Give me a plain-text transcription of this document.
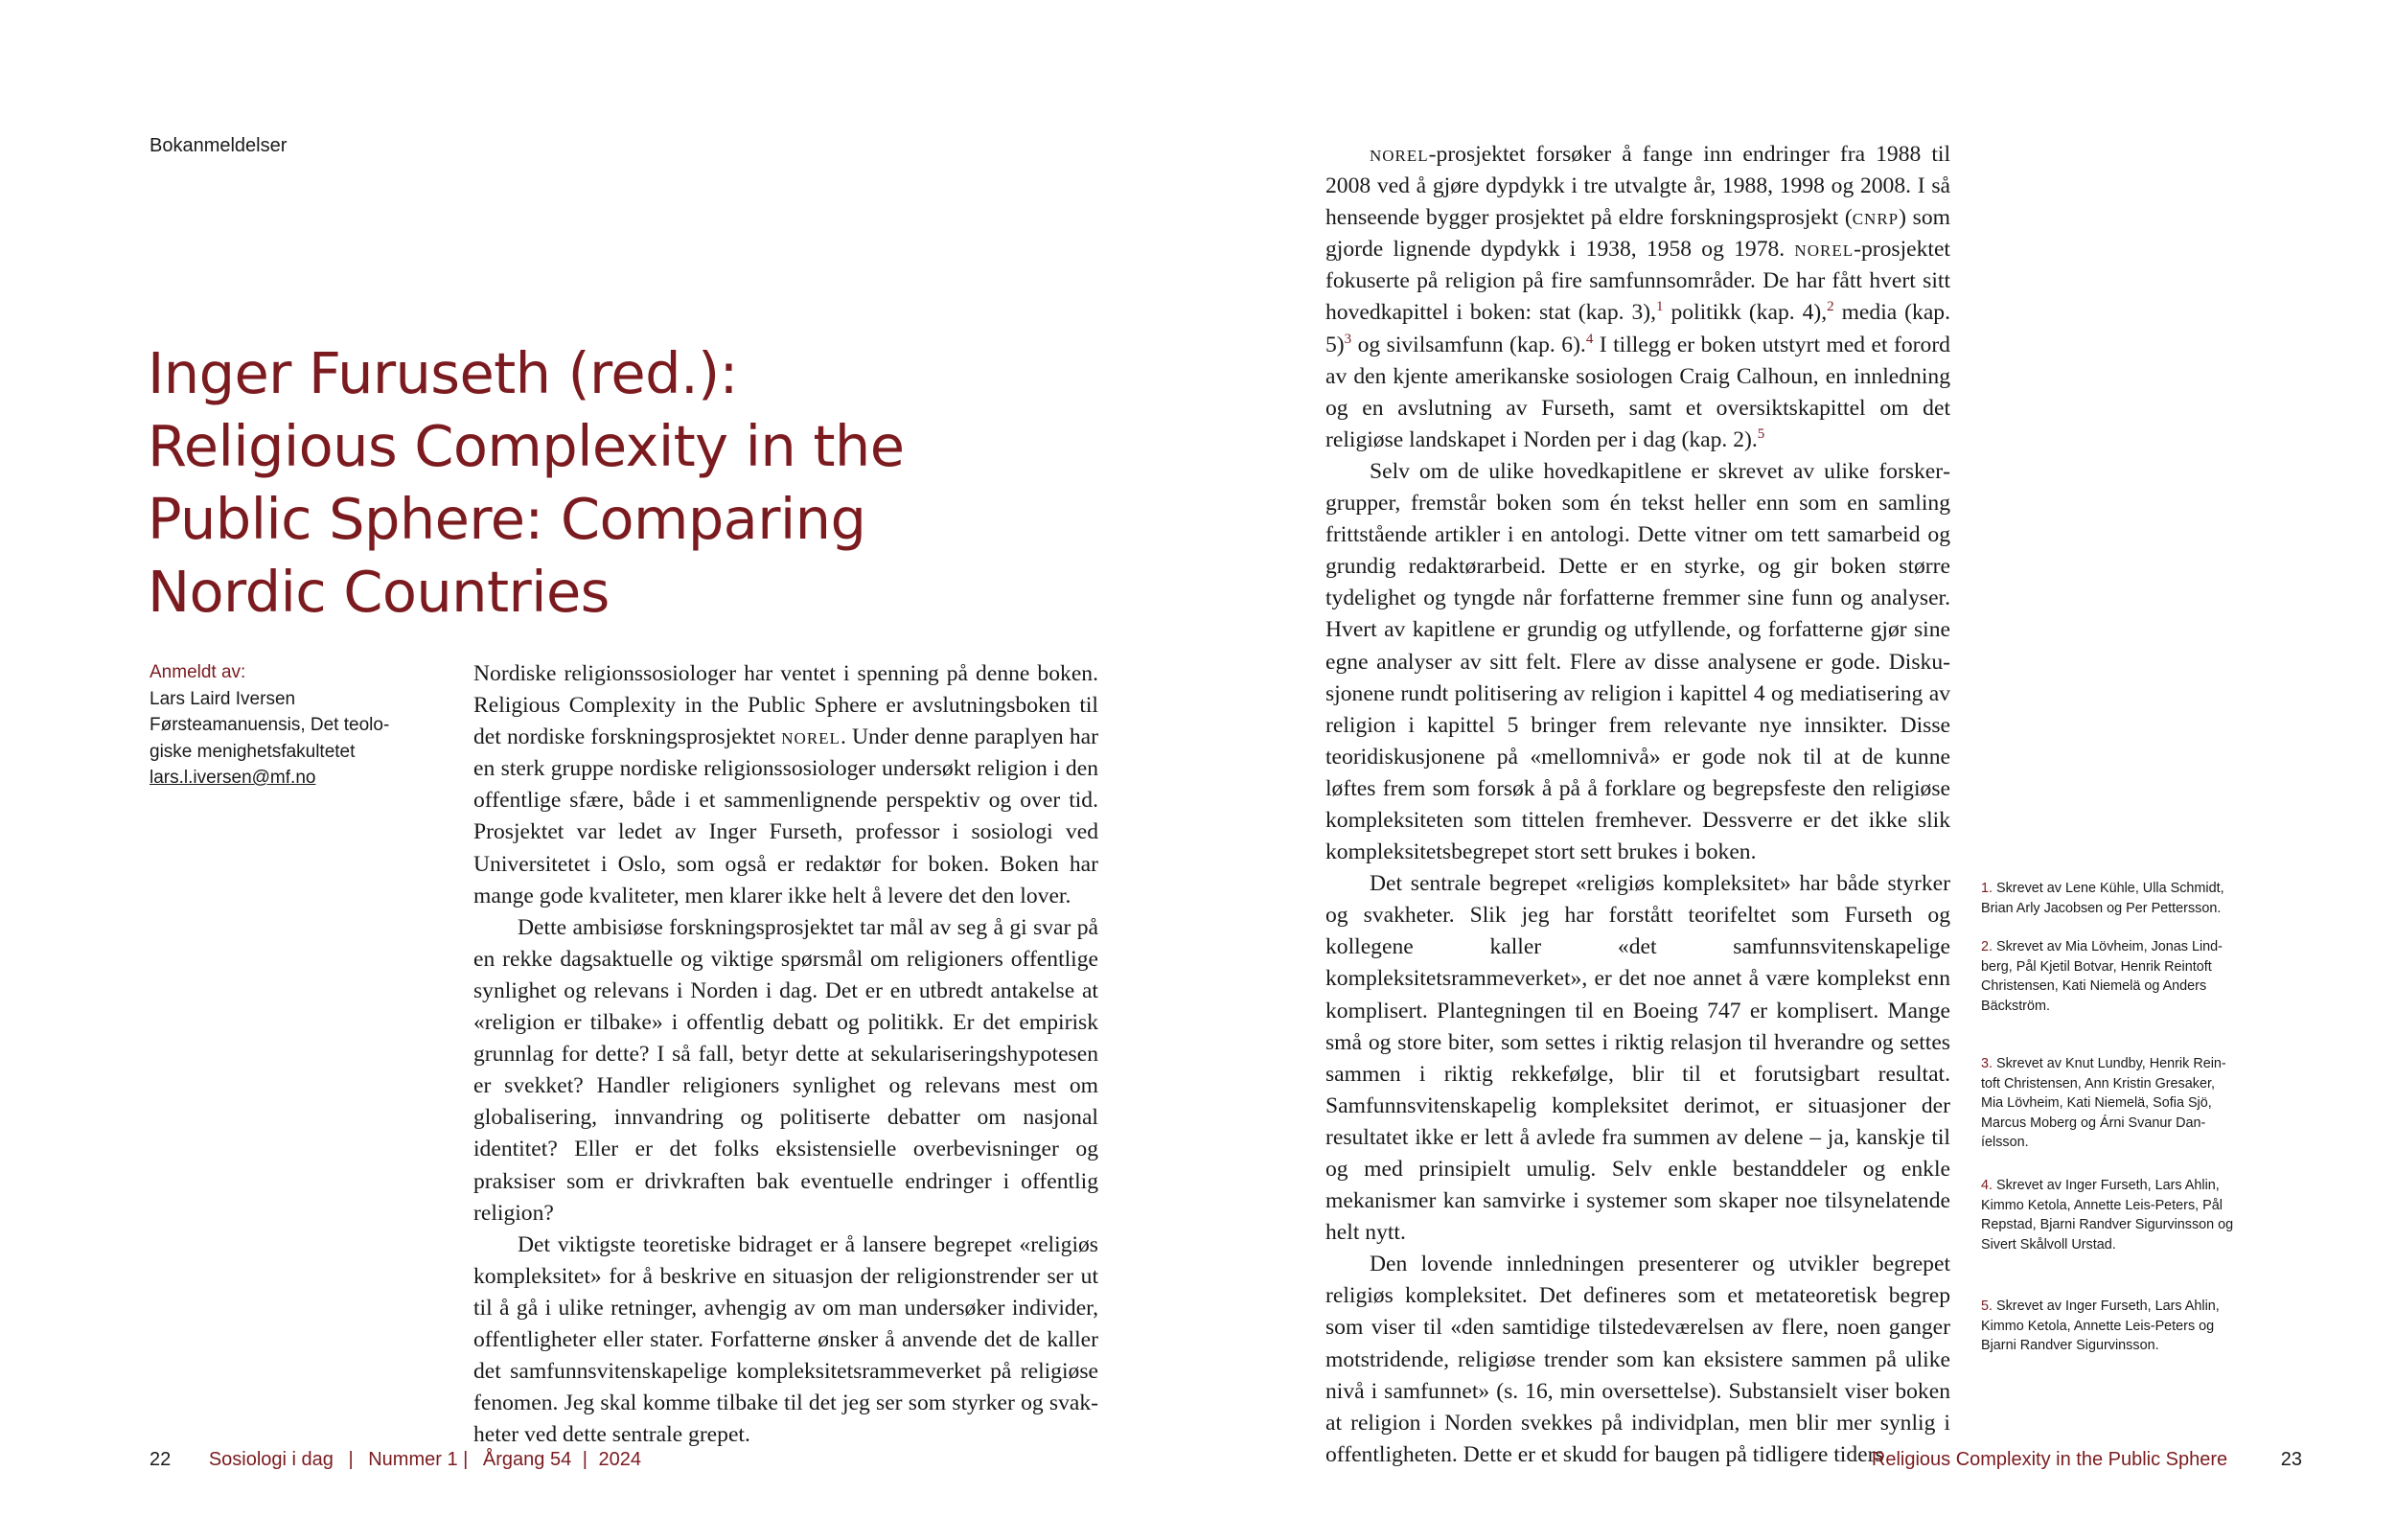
Bokanmeldelser
Inger Furuseth (red.):
Religious Complexity in the
Public Sphere: Comparing
Nordic Countries
Anmeldt av:
Lars Laird Iversen
Førsteamanuensis, Det teolo-
giske menighetsfakultetet
lars.l.iversen@mf.no

Nordiske religionssosiologer har ventet i spenning på denne boken. Religious Complexity in the Public Sphere er avslutningsboken til det nordiske forskningsprosjektet norel. Under denne paraplyen har en sterk gruppe nordiske religionssosiologer undersøkt religion i den offentlige sfære, både i et sammenlignende perspektiv og over tid. Prosjektet var ledet av Inger Furseth, professor i sosiologi ved Universitetet i Oslo, som også er redaktør for boken. Boken har mange gode kvaliteter, men klarer ikke helt å levere det den lover.

Dette ambisiøse forskningsprosjektet tar mål av seg å gi svar på en rekke dagsaktuelle og viktige spørsmål om religioners offentlige synlighet og relevans i Norden i dag. Det er en utbredt antakelse at «religion er tilbake» i offentlig debatt og politikk. Er det empirisk grunnlag for dette? I så fall, betyr dette at sekulariseringshypotesen er svekket? Handler religioners synlighet og relevans mest om globalisering, innvandring og politiserte debatter om nasjonal identitet? Eller er det folks eksistensielle overbevisninger og praksiser som er drivkraften bak eventuelle endringer i offentlig religion?

Det viktigste teoretiske bidraget er å lansere begrepet «religiøs kompleksitet» for å beskrive en situasjon der religionstrender ser ut til å gå i ulike retninger, avhengig av om man undersøker individer, offentligheter eller stater. Forfatterne ønsker å anvende det de kaller det samfunnsvitenskapelige kompleksitetsrammeverket på religiøse fenomen. Jeg skal komme tilbake til det jeg ser som styrker og svakheter ved dette sentrale grepet.

22 Sosiologi i dag | Nummer 1 | Årgang 54 | 2024

norel-prosjektet forsøker å fange inn endringer fra 1988 til 2008 ved å gjøre dypdykk i tre utvalgte år, 1988, 1998 og 2008. I så henseende bygger prosjektet på eldre forskningsprosjekt (cnrp) som gjorde lignende dypdykk i 1938, 1958 og 1978. norel-prosjektet fokuserte på religion på fire samfunnsområder. De har fått hvert sitt hovedkapittel i boken: stat (kap. 3),$^1$ politikk (kap. 4),$^2$ media (kap. 5)$^3$ og sivilsamfunn (kap. 6).$^4$ I tillegg er boken utstyrt med et forord av den kjente amerikanske sosiologen Craig Calhoun, en innledning og en avslutning av Furseth, samt et oversiktskapittel om det religiøse landskapet i Norden per i dag (kap. 2).$^5$

Selv om de ulike hovedkapitlene er skrevet av ulike forskergrupper, fremstår boken som én tekst heller enn som en samling frittstående artikler i en antologi. Dette vitner om tett samarbeid og grundig redaktørarbeid. Dette er en styrke, og gir boken større tydelighet og tyngde når forfatterne fremmer sine funn og analyser. Hvert av kapitlene er grundig og utfyllende, og forfatterne gjør sine egne analyser av sitt felt. Flere av disse analysene er gode. Diskusjonene rundt politisering av religion i kapittel 4 og mediatisering av religion i kapittel 5 bringer frem relevante nye innsikter. Disse teoridiskusjonene på «mellomnivå» er gode nok til at de kunne løftes frem som forsøk å på å forklare og begrepsfeste den religiøse kompleksiteten som tittelen fremhever. Dessverre er det ikke slik kompleksitetsbegrepet stort sett brukes i boken.

Det sentrale begrepet «religiøs kompleksitet» har både styrker og svakheter. Slik jeg har forstått teorifeltet som Furseth og kollegene kaller «det samfunnsvitenskapelige kompleksitetsrammeverket», er det noe annet å være komplekst enn komplisert. Plantegningen til en Boeing 747 er komplisert. Mange små og store biter, som settes i riktig relasjon til hverandre og settes sammen i riktig rekkefølge, blir til et forutsigbart resultat. Samfunnsvitenskapelig kompleksitet derimot, er situasjoner der resultatet ikke er lett å avlede fra summen av delene – ja, kanskje til og med prinsipielt umulig. Selv enkle bestanddeler og enkle mekanismer kan samvirke i systemer som skaper noe tilsynelatende helt nytt.

Den lovende innledningen presenterer og utvikler begrepet religiøs kompleksitet. Det defineres som et metateoretisk begrep som viser til «den samtidige tilstedeværelsen av flere, noen ganger motstridende, religiøse trender som kan eksistere sammen på ulike nivå i samfunnet» (s. 16, min oversettelse). Substansielt viser boken at religion i Norden svekkes på individplan, men blir mer synlig i offentligheten. Dette er et skudd for baugen på tidligere tiders

1. Skrevet av Lene Kühle, Ulla Schmidt,
Brian Arly Jacobsen og Per Pettersson.
2. Skrevet av Mia Lövheim, Jonas Lind-
berg, Pål Kjetil Botvar, Henrik Reintoft
Christensen, Kati Niemelä og Anders
Bäckström.
3. Skrevet av Knut Lundby, Henrik Rein-
toft Christensen, Ann Kristin Gresaker,
Mia Lövheim, Kati Niemelä, Sofia Sjö,
Marcus Moberg og Árni Svanur Dan-
íelsson.
4. Skrevet av Inger Furseth, Lars Ahlin,
Kimmo Ketola, Annette Leis-Peters, Pål
Repstad, Bjarni Randver Sigurvinsson og
Sivert Skålvoll Urstad.
5. Skrevet av Inger Furseth, Lars Ahlin,
Kimmo Ketola, Annette Leis-Peters og
Bjarni Randver Sigurvinsson.
Religious Complexity in the Public Sphere	23
